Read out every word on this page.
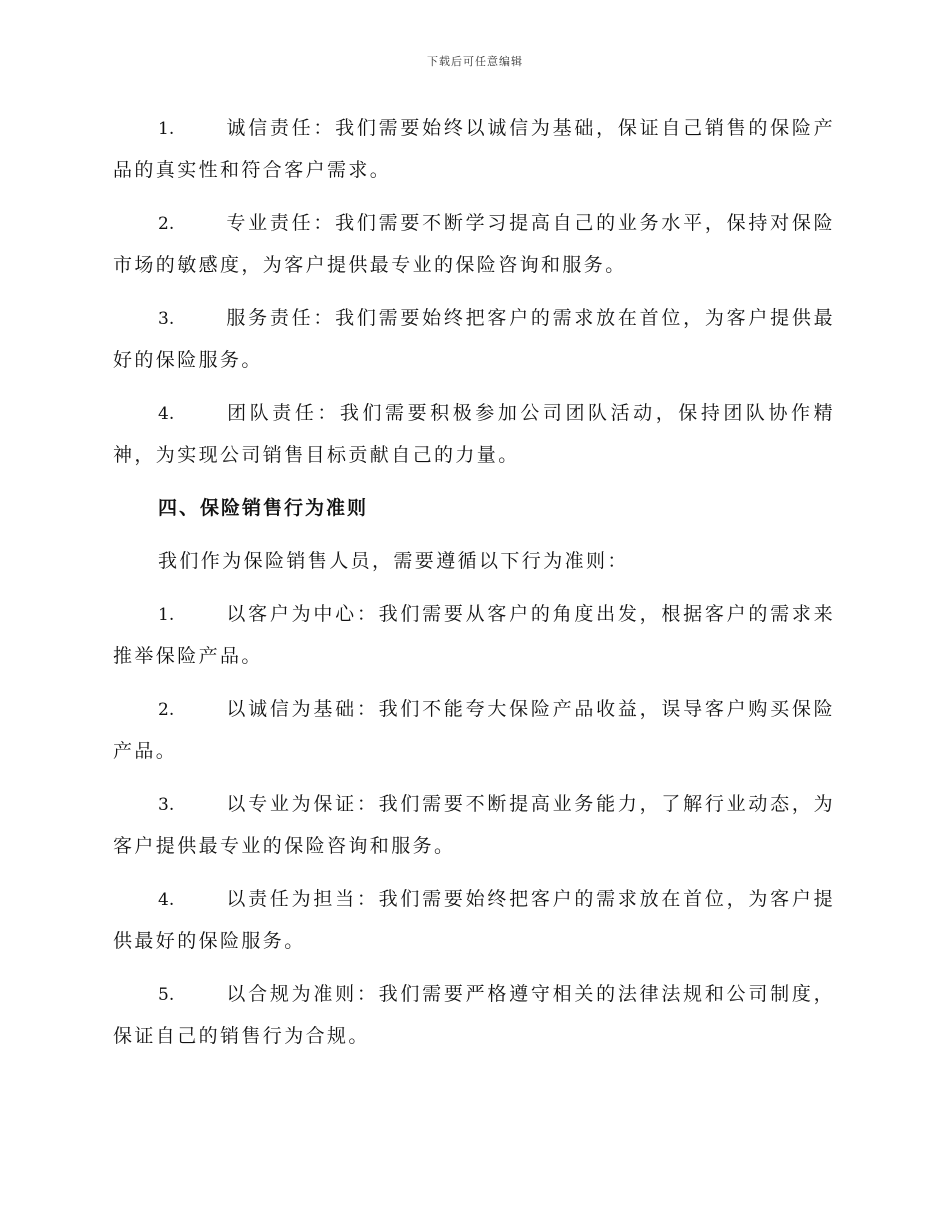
下载后可任意编辑
1.	诚信责任：我们需要始终以诚信为基础，保证自己销售的保险产品的真实性和符合客户需求。
2.	专业责任：我们需要不断学习提高自己的业务水平，保持对保险市场的敏感度，为客户提供最专业的保险咨询和服务。
3.	服务责任：我们需要始终把客户的需求放在首位，为客户提供最好的保险服务。
4.	团队责任：我们需要积极参加公司团队活动，保持团队协作精神，为实现公司销售目标贡献自己的力量。
四、保险销售行为准则
我们作为保险销售人员，需要遵循以下行为准则：
1.	以客户为中心：我们需要从客户的角度出发，根据客户的需求来推举保险产品。
2.	以诚信为基础：我们不能夸大保险产品收益，误导客户购买保险产品。
3.	以专业为保证：我们需要不断提高业务能力，了解行业动态，为客户提供最专业的保险咨询和服务。
4.	以责任为担当：我们需要始终把客户的需求放在首位，为客户提供最好的保险服务。
5.	以合规为准则：我们需要严格遵守相关的法律法规和公司制度，保证自己的销售行为合规。
